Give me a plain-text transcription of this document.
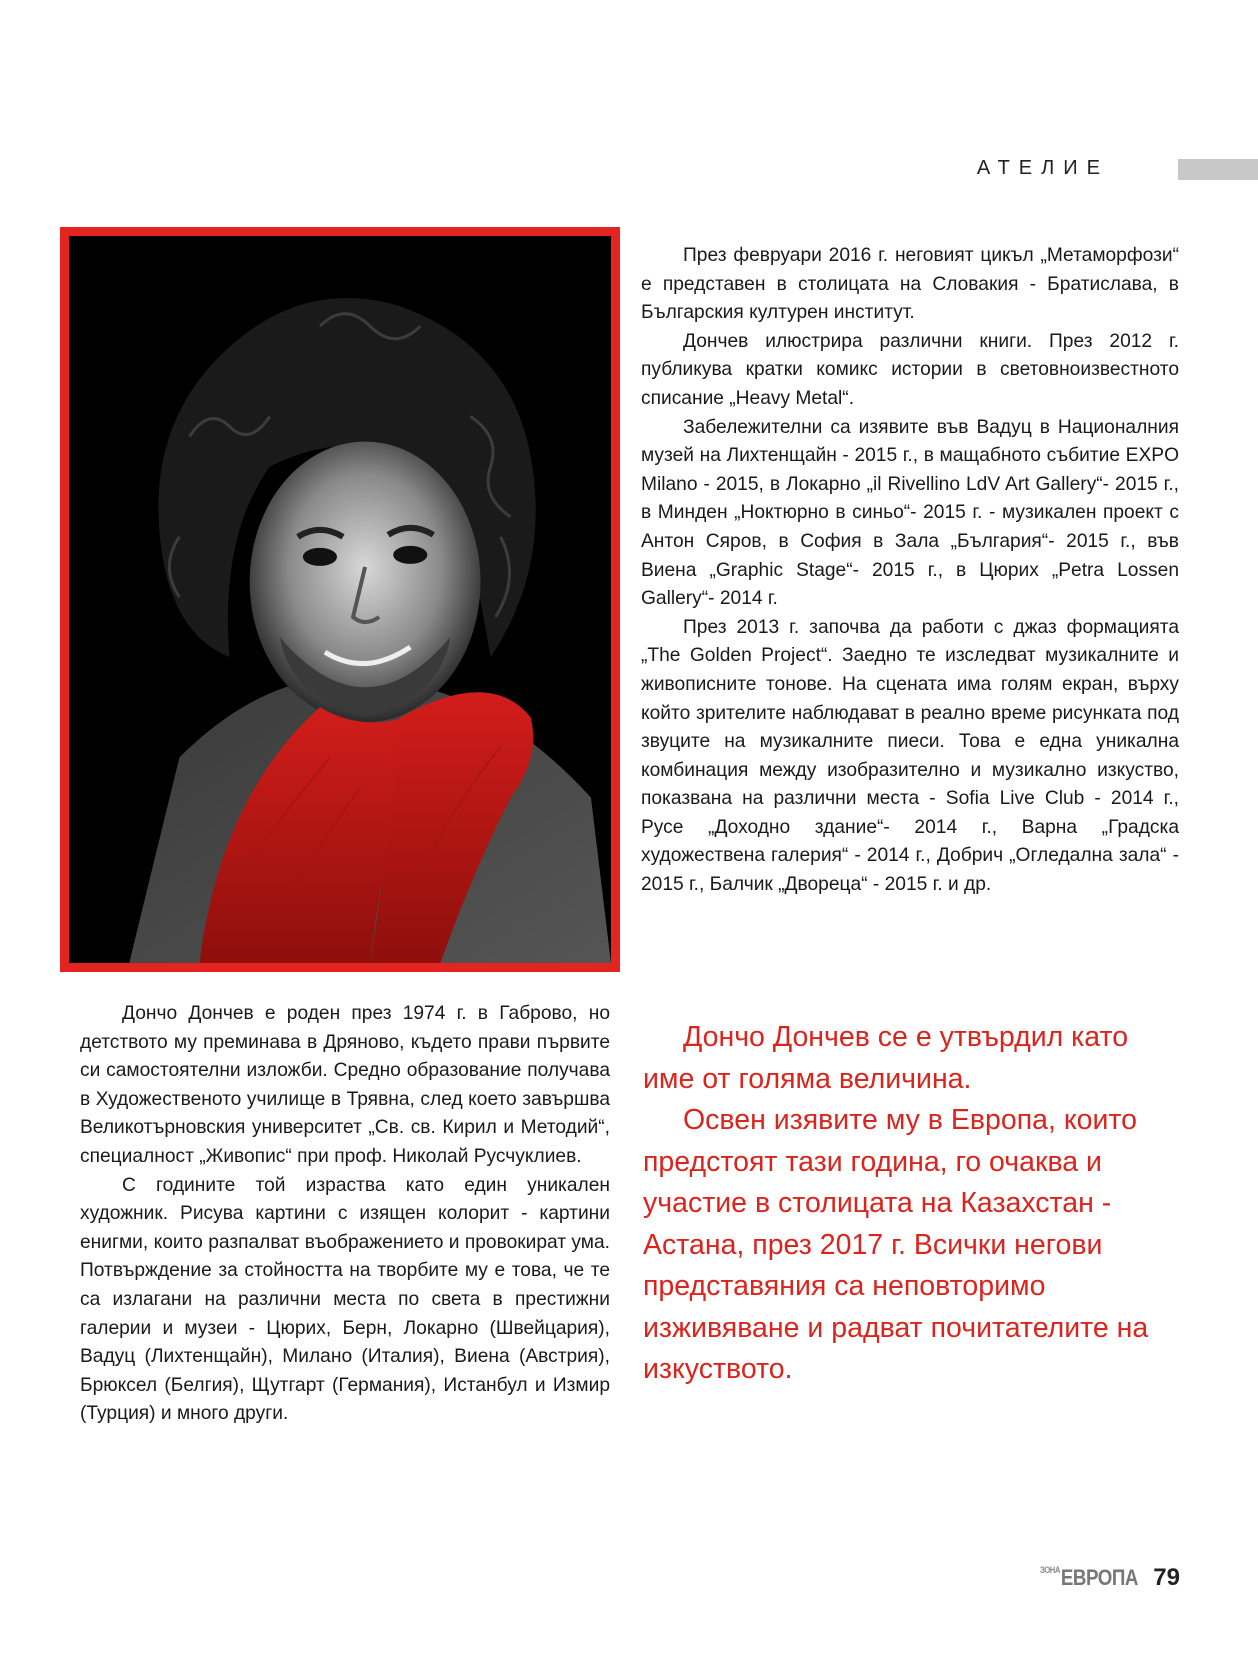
АТЕЛИЕ

През февруари 2016 г. неговият цикъл „Метаморфози“ е представен в столицата на Словакия - Братислава, в Българския културен институт.

Дончев илюстрира различни книги. През 2012 г. публикува кратки комикс истории в световноизвестното списание „Heavy Metal“.

Забележителни са изявите във Вадуц в Националния музей на Лихтенщайн - 2015 г., в мащабното събитие EXPO Milano - 2015, в Локарно „il Rivellino LdV Art Gallery“- 2015 г., в Минден „Ноктюрно в синьо“- 2015 г. - музикален проект с Антон Сяров, в София в Зала „България“- 2015 г., във Виена „Graphic Stage“- 2015 г., в Цюрих „Petra Lossen Gallery“- 2014 г.

През 2013 г. започва да работи с джаз формацията „The Golden Project“. Заедно те изследват музикалните и живописните тонове. На сцената има голям екран, върху който зрителите наблюдават в реално време рисунката под звуците на музикалните пиеси. Това е една уникална комбинация между изобразително и музикално изкуство, показвана на различни места - Sofia Live Club - 2014 г., Русе „Доходно здание“- 2014 г., Варна „Градска художествена галерия“ - 2014 г., Добрич „Огледална зала“ - 2015 г., Балчик „Двореца“ - 2015 г. и др.

Дончо Дончев е роден през 1974 г. в Габрово, но детството му преминава в Дряново, където прави първите си самостоятелни изложби. Средно образование получава в Художественото училище в Трявна, след което завършва Великотърновския университет „Св. св. Кирил и Методий“, специалност „Живопис“ при проф. Николай Русчуклиев.

С годините той израства като един уникален художник. Рисува картини с изящен колорит - картини енигми, които разпалват въображението и провокират ума. Потвърждение за стойността на творбите му е това, че те са излагани на различни места по света в престижни галерии и музеи - Цюрих, Берн, Локарно (Швейцария), Вадуц (Лихтенщайн), Милано (Италия), Виена (Австрия), Брюксел (Белгия), Щутгарт (Германия), Истанбул и Измир (Турция) и много други.

Дончо Дончев се е утвърдил като име от голяма величина.

Освен изявите му в Европа, които предстоят тази година, го очаква и участие в столицата на Казахстан - Астана, през 2017 г. Всички негови представяния са неповторимо изживяване и радват почитателите на изкуството.

$^{ЗОНА}$ЕВРОПА 79
